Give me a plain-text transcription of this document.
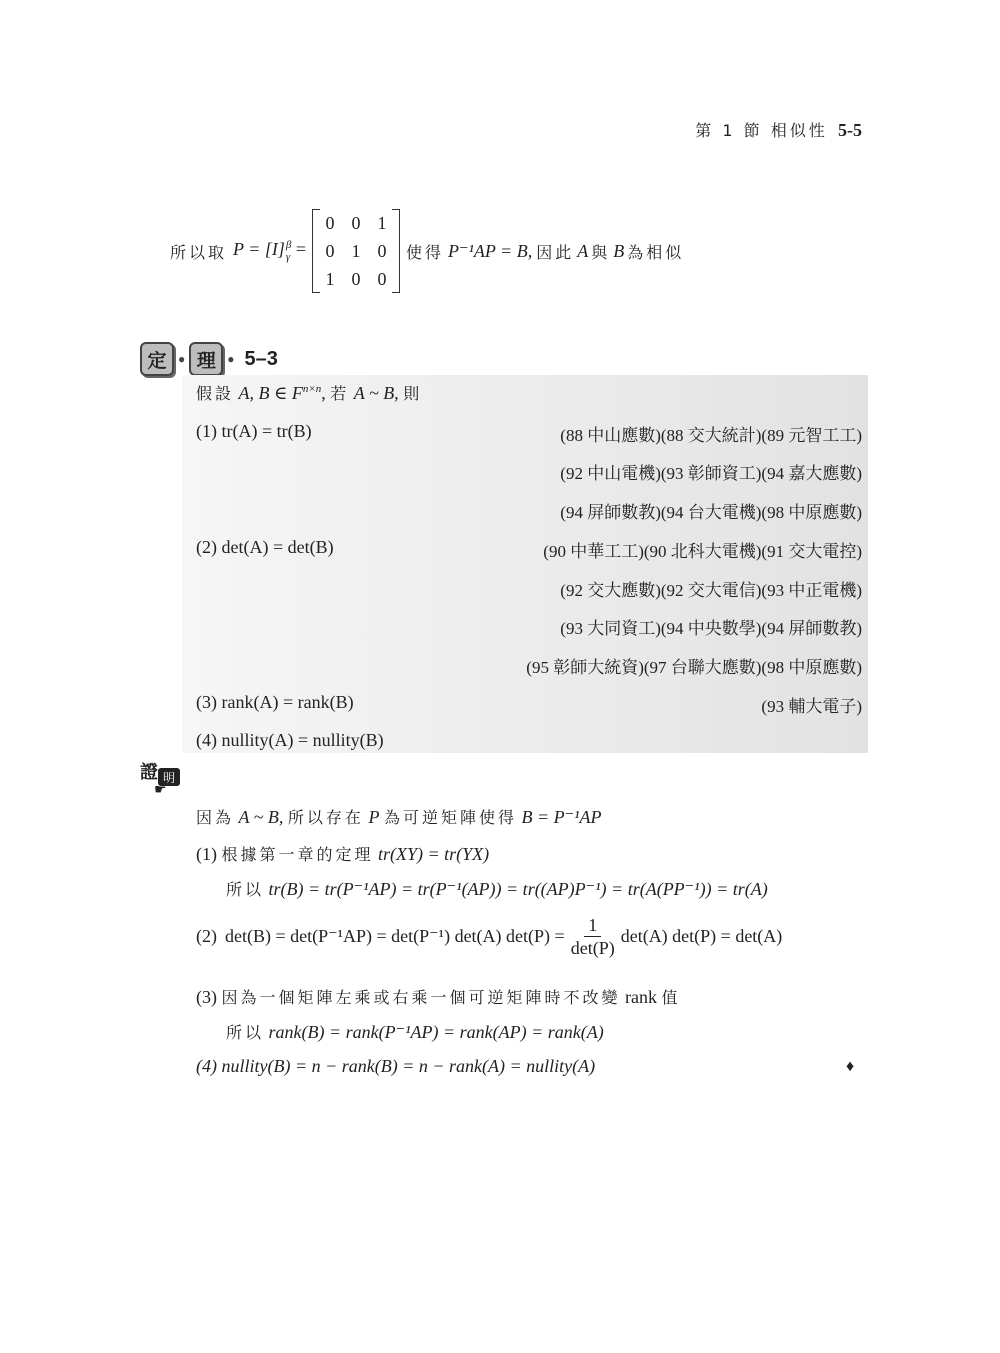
第 1 節 相似性 5-5
所以取 P = [I] β
γ =
0 0 1
0 1 0
1 0 0
使得 P⁻¹AP = B, 因此 A 與 B 為相似
定 ● 理 ● 5–3
假設 A, B ∈ $F^{n\times n}$, 若 A ~ B, 則
(1) tr(A) = tr(B)
(2) det(A) = det(B)
(3) rank(A) = rank(B)
(4) nullity(A) = nullity(B)
(88 中山應數)(88 交大統計)(89 元智工工)
(92 中山電機)(93 彰師資工)(94 嘉大應數)
(94 屏師數教)(94 台大電機)(98 中原應數)
(90 中華工工)(90 北科大電機)(91 交大電控)
(92 交大應數)(92 交大電信)(93 中正電機)
(93 大同資工)(94 中央數學)(94 屏師數教)
(95 彰師大統資)(97 台聯大應數)(98 中原應數)
(93 輔大電子)
證 明
☛
因為 A ~ B, 所以存在 P 為可逆矩陣使得 B = P⁻¹AP
(1) 根據第一章的定理 tr(XY) = tr(YX)
所以 tr(B) = tr(P⁻¹AP) = tr(P⁻¹(AP)) = tr((AP)P⁻¹) = tr(A(PP⁻¹)) = tr(A)
(2) det(B) = det(P⁻¹AP) = det(P⁻¹) det(A) $\det(P) = \frac{1}{\det(P)} \det(A) \det(P) = \det(A)$
(3) 因為一個矩陣左乘或右乘一個可逆矩陣時不改變 rank 值
所以 rank(B) = rank(P⁻¹AP) = rank(AP) = rank(A)
(4) nullity(B) = n − rank(B) = n − rank(A) = nullity(A)	♦
